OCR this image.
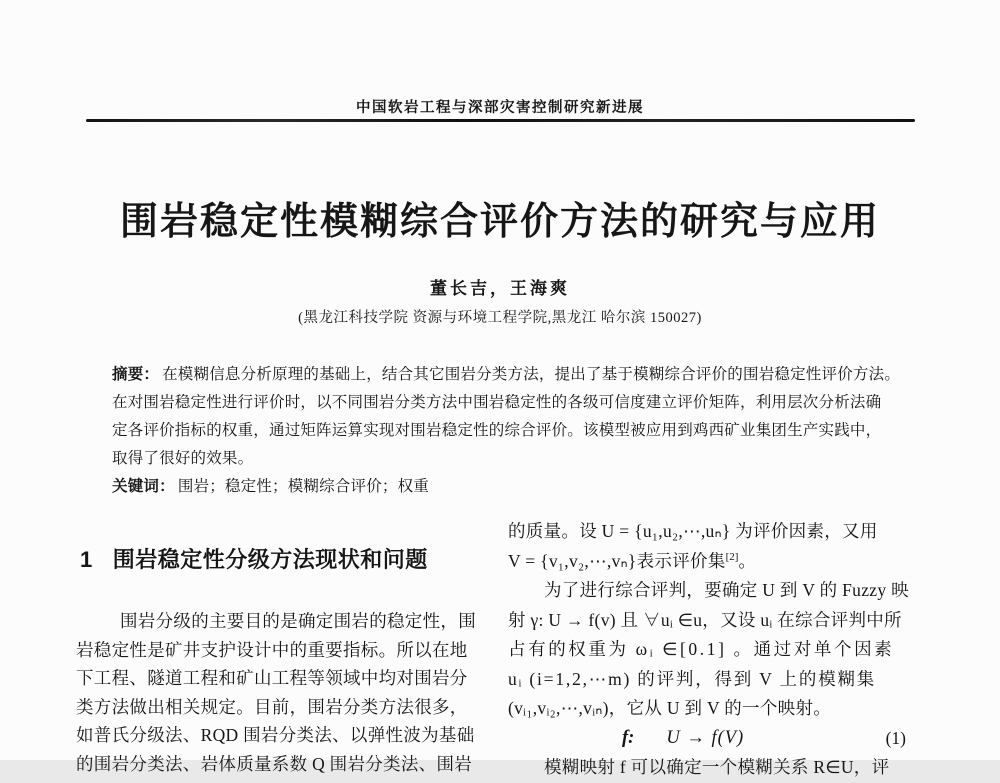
中国软岩工程与深部灾害控制研究新进展
围岩稳定性模糊综合评价方法的研究与应用
董长吉，王海爽
(黑龙江科技学院 资源与环境工程学院,黑龙江 哈尔滨 150027)
摘要： 在模糊信息分析原理的基础上，结合其它围岩分类方法，提出了基于模糊综合评价的围岩稳定性评价方法。
在对围岩稳定性进行评价时，以不同围岩分类方法中围岩稳定性的各级可信度建立评价矩阵，利用层次分析法确
定各评价指标的权重，通过矩阵运算实现对围岩稳定性的综合评价。该模型被应用到鸡西矿业集团生产实践中，
取得了很好的效果。
关键词： 围岩；稳定性；模糊综合评价；权重
1 围岩稳定性分级方法现状和问题
围岩分级的主要目的是确定围岩的稳定性，围
岩稳定性是矿井支护设计中的重要指标。所以在地
下工程、隧道工程和矿山工程等领域中均对围岩分
类方法做出相关规定。目前，围岩分类方法很多，
如普氏分级法、RQD 围岩分类法、以弹性波为基础
的围岩分类法、岩体质量系数 Q 围岩分类法、围岩
的质量。设 U = {u₁,u₂,⋯,uₙ} 为评价因素，又用
V = {v₁,v₂,⋯,vₙ}表示评价集[2]。
为了进行综合评判，要确定 U 到 V 的 Fuzzy 映
射 γ: U → f(v) 且 ∀uᵢ ∈u，又设 uᵢ 在综合评判中所
占有的权重为 ωᵢ ∈[0.1] 。通过对单个因素
uᵢ (i=1,2,⋯m) 的评判，得到 V 上的模糊集
(vᵢ₁,vᵢ₂,⋯,vᵢₙ)，它从 U 到 V 的一个映射。
f: U → f(V)	(1)
模糊映射 f 可以确定一个模糊关系 R∈U，评
